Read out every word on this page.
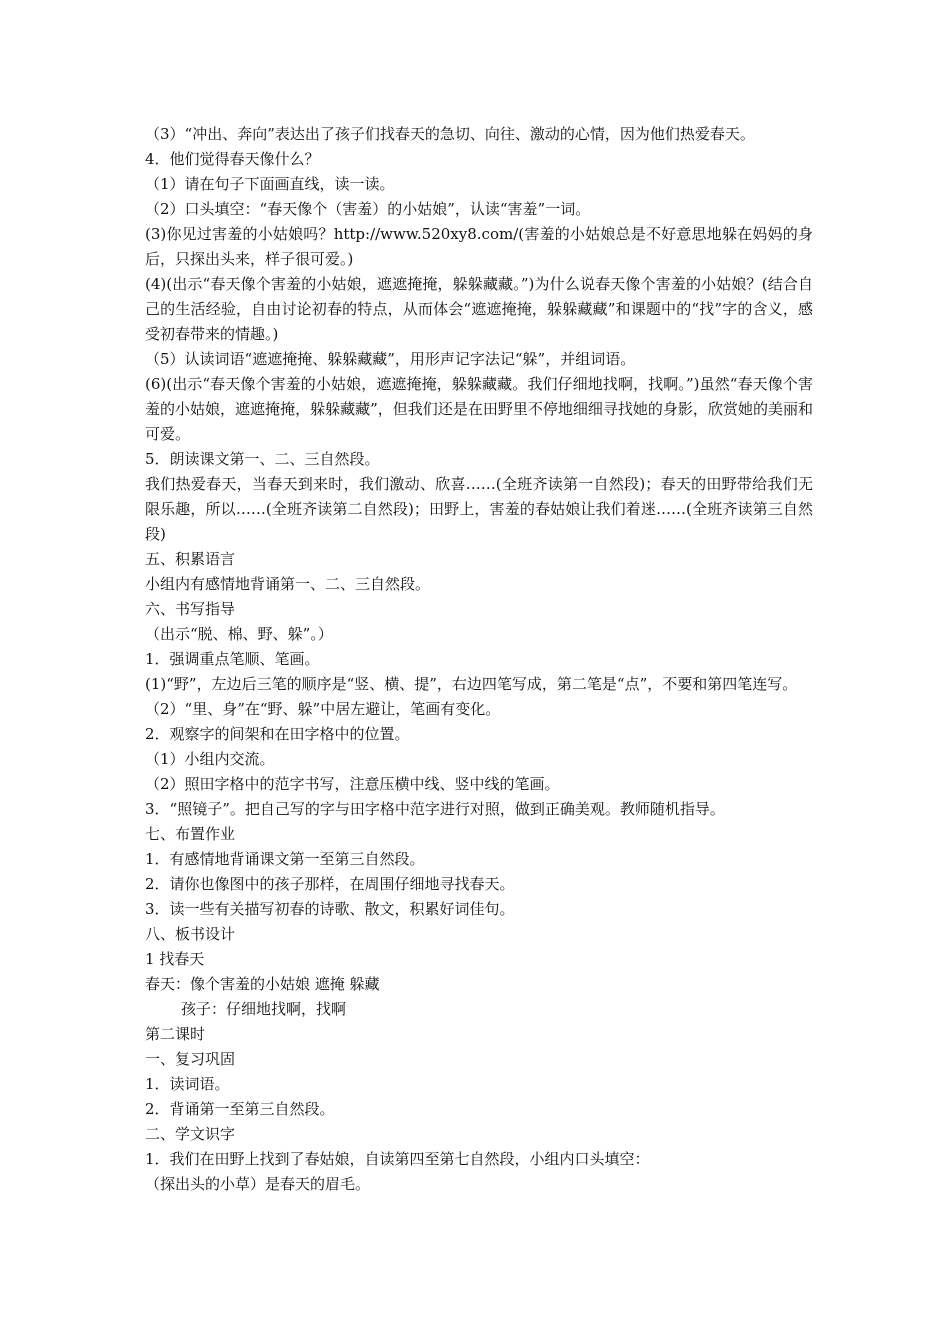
（3）“冲出、奔向”表达出了孩子们找春天的急切、向往、激动的心情，因为他们热爱春天。
4．他们觉得春天像什么？
（1）请在句子下面画直线，读一读。
（2）口头填空：“春天像个（害羞）的小姑娘”，认读“害羞”一词。
(3)你见过害羞的小姑娘吗？http://www.520xy8.com/(害羞的小姑娘总是不好意思地躲在妈妈的身后，只探出头来，样子很可爱。)
(4)(出示“春天像个害羞的小姑娘，遮遮掩掩，躲躲藏藏。”)为什么说春天像个害羞的小姑娘？(结合自己的生活经验，自由讨论初春的特点，从而体会“遮遮掩掩，躲躲藏藏”和课题中的“找”字的含义，感受初春带来的情趣。)
（5）认读词语“遮遮掩掩、躲躲藏藏”，用形声记字法记“躲”，并组词语。
(6)(出示“春天像个害羞的小姑娘，遮遮掩掩，躲躲藏藏。我们仔细地找啊，找啊。”)虽然“春天像个害羞的小姑娘，遮遮掩掩，躲躲藏藏”，但我们还是在田野里不停地细细寻找她的身影，欣赏她的美丽和可爱。
5．朗读课文第一、二、三自然段。
我们热爱春天，当春天到来时，我们激动、欣喜……(全班齐读第一自然段)；春天的田野带给我们无限乐趣，所以……(全班齐读第二自然段)；田野上，害羞的春姑娘让我们着迷……(全班齐读第三自然段)
五、积累语言
小组内有感情地背诵第一、二、三自然段。
六、书写指导
（出示“脱、棉、野、躲”。）
1．强调重点笔顺、笔画。
(1)“野”，左边后三笔的顺序是“竖、横、提”，右边四笔写成，第二笔是“点”，不要和第四笔连写。
（2）“里、身”在“野、躲”中居左避让，笔画有变化。
2．观察字的间架和在田字格中的位置。
（1）小组内交流。
（2）照田字格中的范字书写，注意压横中线、竖中线的笔画。
3．“照镜子”。把自己写的字与田字格中范字进行对照，做到正确美观。教师随机指导。
七、布置作业
1．有感情地背诵课文第一至第三自然段。
2．请你也像图中的孩子那样，在周围仔细地寻找春天。
3．读一些有关描写初春的诗歌、散文，积累好词佳句。
八、板书设计
1 找春天
春天：像个害羞的小姑娘 遮掩 躲藏
孩子：仔细地找啊，找啊
第二课时
一、复习巩固
1．读词语。
2．背诵第一至第三自然段。
二、学文识字
1．我们在田野上找到了春姑娘，自读第四至第七自然段，小组内口头填空：
（探出头的小草）是春天的眉毛。
